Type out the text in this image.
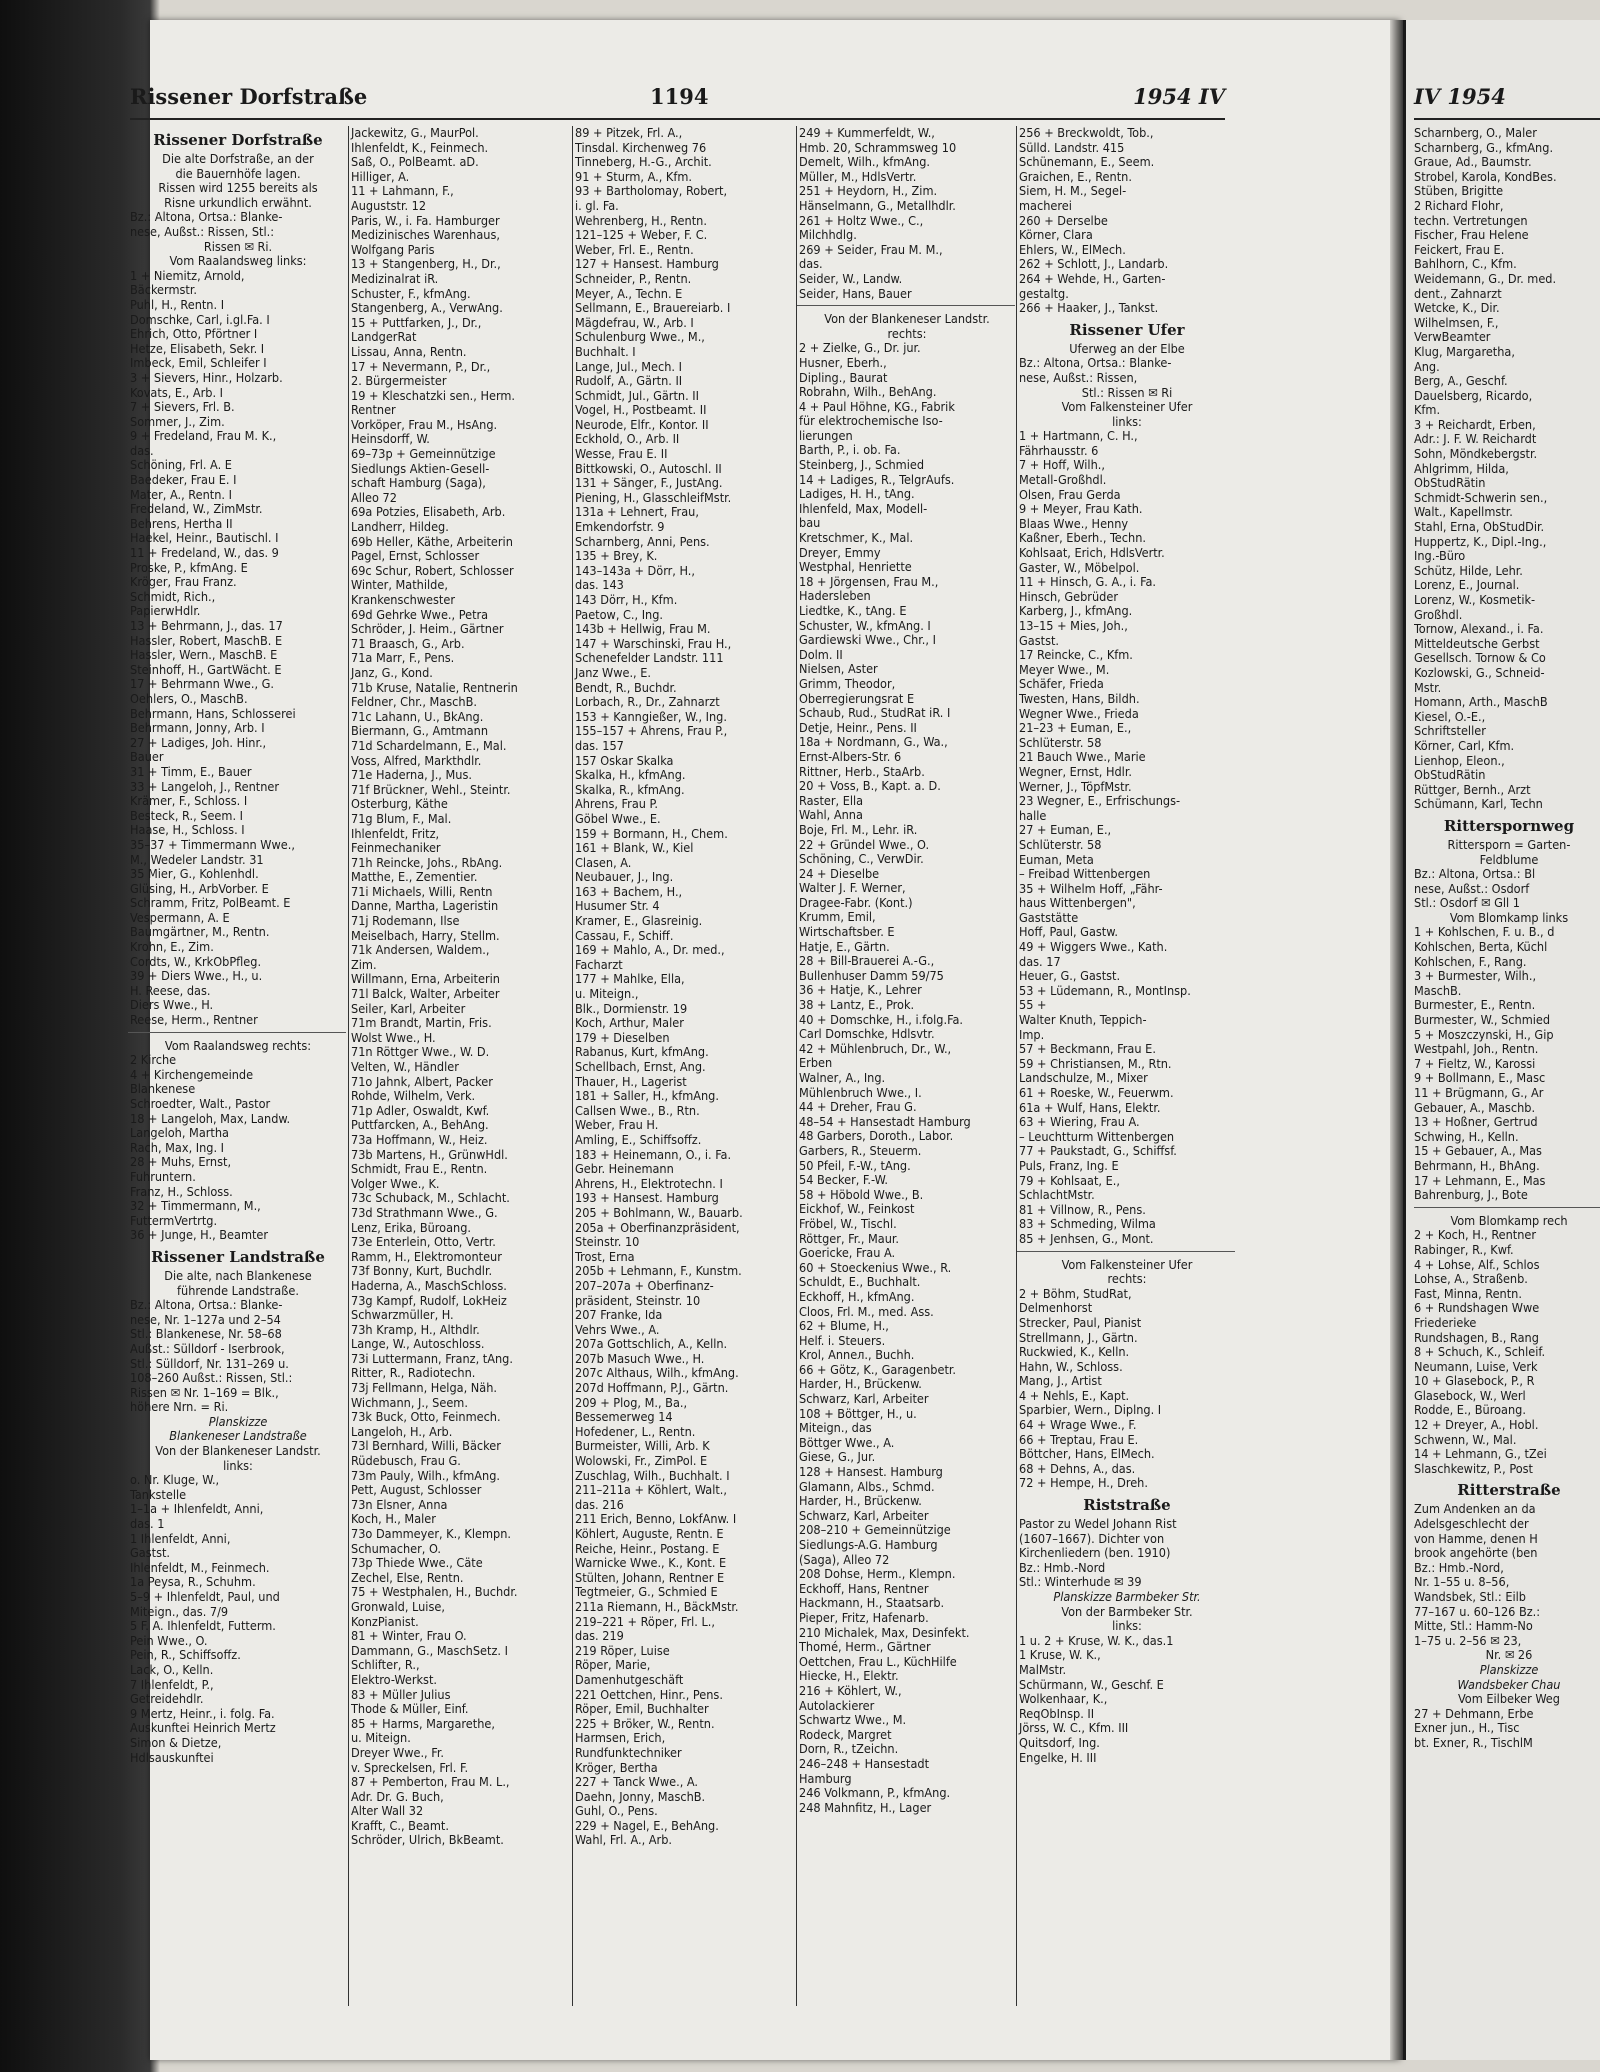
Rissener Dorfstraße	1194	1954 IV
Rissener Dorfstraße
Die alte Dorfstraße, an der
die Bauernhöfe lagen.
Rissen wird 1255 bereits als
Risne urkundlich erwähnt.
Bz.: Altona, Ortsa.: Blanke-
nese, Außst.: Rissen, Stl.:
Rissen ✉ Ri.
Vom Raalandsweg links:
1 + Niemitz, Arnold,
Bäckermstr.
Puhl, H., Rentn. I
Domschke, Carl, i.gl.Fa. I
Ehrich, Otto, Pförtner I
Hetze, Elisabeth, Sekr. I
Imbeck, Emil, Schleifer I
3 + Sievers, Hinr., Holzarb.
Kovats, E., Arb. I
7 + Sievers, Frl. B.
Sommer, J., Zim.
9 + Fredeland, Frau M. K.,
das.
Schöning, Frl. A. E
Baedeker, Frau E. I
Mater, A., Rentn. I
Fredeland, W., ZimMstr.
Behrens, Hertha II
Haekel, Heinr., Bautischl. I
11 + Fredeland, W., das. 9
Proske, P., kfmAng. E
Kröger, Frau Franz.
Schmidt, Rich.,
PapierwHdlr.
13 + Behrmann, J., das. 17
Hassler, Robert, MaschB. E
Hassler, Wern., MaschB. E
Steinhoff, H., GartWächt. E
17 + Behrmann Wwe., G.
Oehlers, O., MaschB.
Behrmann, Hans, Schlosserei
Behrmann, Jonny, Arb. I
27 + Ladiges, Joh. Hinr.,
Bauer
31 + Timm, E., Bauer
33 + Langeloh, J., Rentner
Krämer, F., Schloss. I
Besteck, R., Seem. I
Haase, H., Schloss. I
35–37 + Timmermann Wwe.,
M., Wedeler Landstr. 31
35 Mier, G., Kohlenhdl.
Glüsing, H., ArbVorber. E
Schramm, Fritz, PolBeamt. E
Vespermann, A. E
Baumgärtner, M., Rentn.
Krohn, E., Zim.
Cordts, W., KrkObPfleg.
39 + Diers Wwe., H., u.
H. Reese, das.
Diers Wwe., H.
Reese, Herm., Rentner
Vom Raalandsweg rechts:
2 Kirche
4 + Kirchengemeinde
Blankenese
Schroedter, Walt., Pastor
18 + Langeloh, Max, Landw.
Langeloh, Martha
Rach, Max, Ing. I
28 + Muhs, Ernst,
Fuhruntern.
Franz, H., Schloss.
32 + Timmermann, M.,
FuttermVertrtg.
36 + Junge, H., Beamter
Rissener Landstraße
Die alte, nach Blankenese
führende Landstraße.
Bz.: Altona, Ortsa.: Blanke-
nese, Nr. 1–127a und 2–54
Stl.: Blankenese, Nr. 58–68
Außst.: Sülldorf - Iserbrook,
Stl.: Sülldorf, Nr. 131–269 u.
108–260 Außst.: Rissen, Stl.:
Rissen ✉ Nr. 1–169 = Blk.,
höhere Nrn. = Ri.
Planskizze
Blankeneser Landstraße
Von der Blankeneser Landstr.
links:
o. Nr. Kluge, W.,
Tankstelle
1–1a + Ihlenfeldt, Anni,
das. 1
1 Ihlenfeldt, Anni,
Gastst.
Ihlenfeldt, M., Feinmech.
1a Peysa, R., Schuhm.
5–9 + Ihlenfeldt, Paul, und
Miteign., das. 7/9
5 F. A. Ihlenfeldt, Futterm.
Pein Wwe., O.
Pein, R., Schiffsoffz.
Lack, O., Kelln.
7 Ihlenfeldt, P.,
Getreidehdlr.
9 Mertz, Heinr., i. folg. Fa.
Auskunftei Heinrich Mertz
Simon & Dietze,
Hdlsauskunftei
Jackewitz, G., MaurPol.
Ihlenfeldt, K., Feinmech.
Saß, O., PolBeamt. aD.
Hilliger, A.
11 + Lahmann, F.,
Auguststr. 12
Paris, W., i. Fa. Hamburger
Medizinisches Warenhaus,
Wolfgang Paris
13 + Stangenberg, H., Dr.,
Medizinalrat iR.
Schuster, F., kfmAng.
Stangenberg, A., VerwAng.
15 + Puttfarken, J., Dr.,
LandgerRat
Lissau, Anna, Rentn.
17 + Nevermann, P., Dr.,
2. Bürgermeister
19 + Kleschatzki sen., Herm.
Rentner
Vorköper, Frau M., HsAng.
Heinsdorff, W.
69–73p + Gemeinnützige
Siedlungs Aktien-Gesell-
schaft Hamburg (Saga),
Alleo 72
69a Potzies, Elisabeth, Arb.
Landherr, Hildeg.
69b Heller, Käthe, Arbeiterin
Pagel, Ernst, Schlosser
69c Schur, Robert, Schlosser
Winter, Mathilde,
Krankenschwester
69d Gehrke Wwe., Petra
Schröder, J. Heim., Gärtner
71 Braasch, G., Arb.
71a Marr, F., Pens.
Janz, G., Kond.
71b Kruse, Natalie, Rentnerin
Feldner, Chr., MaschB.
71c Lahann, U., BkAng.
Biermann, G., Amtmann
71d Schardelmann, E., Mal.
Voss, Alfred, Markthdlr.
71e Haderna, J., Mus.
71f Brückner, Wehl., Steintr.
Osterburg, Käthe
71g Blum, F., Mal.
Ihlenfeldt, Fritz,
Feinmechaniker
71h Reincke, Johs., RbAng.
Matthe, E., Zementier.
71i Michaels, Willi, Rentn
Danne, Martha, Lageristin
71j Rodemann, Ilse
Meiselbach, Harry, Stellm.
71k Andersen, Waldem.,
Zim.
Willmann, Erna, Arbeiterin
71l Balck, Walter, Arbeiter
Seiler, Karl, Arbeiter
71m Brandt, Martin, Fris.
Wolst Wwe., H.
71n Röttger Wwe., W. D.
Velten, W., Händler
71o Jahnk, Albert, Packer
Rohde, Wilhelm, Verk.
71p Adler, Oswaldt, Kwf.
Puttfarcken, A., BehAng.
73a Hoffmann, W., Heiz.
73b Martens, H., GrünwHdl.
Schmidt, Frau E., Rentn.
Volger Wwe., K.
73c Schuback, M., Schlacht.
73d Strathmann Wwe., G.
Lenz, Erika, Büroang.
73e Enterlein, Otto, Vertr.
Ramm, H., Elektromonteur
73f Bonny, Kurt, Buchdlr.
Haderna, A., MaschSchloss.
73g Kampf, Rudolf, LokHeiz
Schwarzmüller, H.
73h Kramp, H., Althdlr.
Lange, W., Autoschloss.
73i Luttermann, Franz, tAng.
Ritter, R., Radiotechn.
73j Fellmann, Helga, Näh.
Wichmann, J., Seem.
73k Buck, Otto, Feinmech.
Langeloh, H., Arb.
73l Bernhard, Willi, Bäcker
Rüdebusch, Frau G.
73m Pauly, Wilh., kfmAng.
Pett, August, Schlosser
73n Elsner, Anna
Koch, H., Maler
73o Dammeyer, K., Klempn.
Schumacher, O.
73p Thiede Wwe., Cäte
Zechel, Else, Rentn.
75 + Westphalen, H., Buchdr.
Gronwald, Luise,
KonzPianist.
81 + Winter, Frau O.
Dammann, G., MaschSetz. I
Schlifter, R.,
Elektro-Werkst.
83 + Müller Julius
Thode & Müller, Einf.
85 + Harms, Margarethe,
u. Miteign.
Dreyer Wwe., Fr.
v. Spreckelsen, Frl. F.
87 + Pemberton, Frau M. L.,
Adr. Dr. G. Buch,
Alter Wall 32
Krafft, C., Beamt.
Schröder, Ulrich, BkBeamt.
89 + Pitzek, Frl. A.,
Tinsdal. Kirchenweg 76
Tinneberg, H.-G., Archit.
91 + Sturm, A., Kfm.
93 + Bartholomay, Robert,
i. gl. Fa.
Wehrenberg, H., Rentn.
121–125 + Weber, F. C.
Weber, Frl. E., Rentn.
127 + Hansest. Hamburg
Schneider, P., Rentn.
Meyer, A., Techn. E
Sellmann, E., Brauereiarb. I
Mägdefrau, W., Arb. I
Schulenburg Wwe., M.,
Buchhalt. I
Lange, Jul., Mech. I
Rudolf, A., Gärtn. II
Schmidt, Jul., Gärtn. II
Vogel, H., Postbeamt. II
Neurode, Elfr., Kontor. II
Eckhold, O., Arb. II
Wesse, Frau E. II
Bittkowski, O., Autoschl. II
131 + Sänger, F., JustAng.
Piening, H., GlasschleifMstr.
131a + Lehnert, Frau,
Emkendorfstr. 9
Scharnberg, Anni, Pens.
135 + Brey, K.
143–143a + Dörr, H.,
das. 143
143 Dörr, H., Kfm.
Paetow, C., Ing.
143b + Hellwig, Frau M.
147 + Warschinski, Frau H.,
Schenefelder Landstr. 111
Janz Wwe., E.
Bendt, R., Buchdr.
Lorbach, R., Dr., Zahnarzt
153 + Kanngießer, W., Ing.
155–157 + Ahrens, Frau P.,
das. 157
157 Oskar Skalka
Skalka, H., kfmAng.
Skalka, R., kfmAng.
Ahrens, Frau P.
Göbel Wwe., E.
159 + Bormann, H., Chem.
161 + Blank, W., Kiel
Clasen, A.
Neubauer, J., Ing.
163 + Bachem, H.,
Husumer Str. 4
Kramer, E., Glasreinig.
Cassau, F., Schiff.
169 + Mahlo, A., Dr. med.,
Facharzt
177 + Mahlke, Ella,
u. Miteign.,
Blk., Dormienstr. 19
Koch, Arthur, Maler
179 + Dieselben
Rabanus, Kurt, kfmAng.
Schellbach, Ernst, Ang.
Thauer, H., Lagerist
181 + Saller, H., kfmAng.
Callsen Wwe., B., Rtn.
Weber, Frau H.
Amling, E., Schiffsoffz.
183 + Heinemann, O., i. Fa.
Gebr. Heinemann
Ahrens, H., Elektrotechn. I
193 + Hansest. Hamburg
205 + Bohlmann, W., Bauarb.
205a + Oberfinanzpräsident,
Steinstr. 10
Trost, Erna
205b + Lehmann, F., Kunstm.
207–207a + Oberfinanz-
präsident, Steinstr. 10
207 Franke, Ida
Vehrs Wwe., A.
207a Gottschlich, A., Kelln.
207b Masuch Wwe., H.
207c Althaus, Wilh., kfmAng.
207d Hoffmann, P.J., Gärtn.
209 + Plog, M., Ba.,
Bessemerweg 14
Hofedener, L., Rentn.
Burmeister, Willi, Arb. K
Wolowski, Fr., ZimPol. E
Zuschlag, Wilh., Buchhalt. I
211–211a + Köhlert, Walt.,
das. 216
211 Erich, Benno, LokfAnw. I
Köhlert, Auguste, Rentn. E
Reiche, Heinr., Postang. E
Warnicke Wwe., K., Kont. E
Stülten, Johann, Rentner E
Tegtmeier, G., Schmied E
211a Riemann, H., BäckMstr.
219–221 + Röper, Frl. L.,
das. 219
219 Röper, Luise
Röper, Marie,
Damenhutgeschäft
221 Oettchen, Hinr., Pens.
Röper, Emil, Buchhalter
225 + Bröker, W., Rentn.
Harmsen, Erich,
Rundfunktechniker
Kröger, Bertha
227 + Tanck Wwe., A.
Daehn, Jonny, MaschB.
Guhl, O., Pens.
229 + Nagel, E., BehAng.
Wahl, Frl. A., Arb.
249 + Kummerfeldt, W.,
Hmb. 20, Schrammsweg 10
Demelt, Wilh., kfmAng.
Müller, M., HdlsVertr.
251 + Heydorn, H., Zim.
Hänselmann, G., Metallhdlr.
261 + Holtz Wwe., C.,
Milchhdlg.
269 + Seider, Frau M. M.,
das.
Seider, W., Landw.
Seider, Hans, Bauer
Von der Blankeneser Landstr.
rechts:
2 + Zielke, G., Dr. jur.
Husner, Eberh.,
Dipling., Baurat
Robrahn, Wilh., BehAng.
4 + Paul Höhne, KG., Fabrik
für elektrochemische Iso-
lierungen
Barth, P., i. ob. Fa.
Steinberg, J., Schmied
14 + Ladiges, R., TelgrAufs.
Ladiges, H. H., tAng.
Ihlenfeld, Max, Modell-
bau
Kretschmer, K., Mal.
Dreyer, Emmy
Westphal, Henriette
18 + Jörgensen, Frau M.,
Hadersleben
Liedtke, K., tAng. E
Schuster, W., kfmAng. I
Gardiewski Wwe., Chr., I
Dolm. II
Nielsen, Aster
Grimm, Theodor,
Oberregierungsrat E
Schaub, Rud., StudRat iR. I
Detje, Heinr., Pens. II
18a + Nordmann, G., Wa.,
Ernst-Albers-Str. 6
Rittner, Herb., StaArb.
20 + Voss, B., Kapt. a. D.
Raster, Ella
Wahl, Anna
Boje, Frl. M., Lehr. iR.
22 + Gründel Wwe., O.
Schöning, C., VerwDir.
24 + Dieselbe
Walter J. F. Werner,
Dragee-Fabr. (Kont.)
Krumm, Emil,
Wirtschaftsber. E
Hatje, E., Gärtn.
28 + Bill-Brauerei A.-G.,
Bullenhuser Damm 59/75
36 + Hatje, K., Lehrer
38 + Lantz, E., Prok.
40 + Domschke, H., i.folg.Fa.
Carl Domschke, Hdlsvtr.
42 + Mühlenbruch, Dr., W.,
Erben
Walner, A., Ing.
Mühlenbruch Wwe., I.
44 + Dreher, Frau G.
48–54 + Hansestadt Hamburg
48 Garbers, Doroth., Labor.
Garbers, R., Steuerm.
50 Pfeil, F.-W., tAng.
54 Becker, F.-W.
58 + Höbold Wwe., B.
Eickhof, W., Feinkost
Fröbel, W., Tischl.
Röttger, Fr., Maur.
Goericke, Frau A.
60 + Stoeckenius Wwe., R.
Schuldt, E., Buchhalt.
Eckhoff, H., kfmAng.
Cloos, Frl. M., med. Ass.
62 + Blume, H.,
Helf. i. Steuers.
Krol, Anneл., Buchh.
66 + Götz, K., Garagenbetr.
Harder, H., Brückenw.
Schwarz, Karl, Arbeiter
108 + Böttger, H., u.
Miteign., das
Böttger Wwe., A.
Giese, G., Jur.
128 + Hansest. Hamburg
Glamann, Albs., Schmd.
Harder, H., Brückenw.
Schwarz, Karl, Arbeiter
208–210 + Gemeinnützige
Siedlungs-A.G. Hamburg
(Saga), Alleo 72
208 Dohse, Herm., Klempn.
Eckhoff, Hans, Rentner
Hackmann, H., Staatsarb.
Pieper, Fritz, Hafenarb.
210 Michalek, Max, Desinfekt.
Thomé, Herm., Gärtner
Oettchen, Frau L., KüchHilfe
Hiecke, H., Elektr.
216 + Köhlert, W.,
Autolackierer
Schwartz Wwe., M.
Rodeck, Margret
Dorn, R., tZeichn.
246–248 + Hansestadt
Hamburg
246 Volkmann, P., kfmAng.
248 Mahnfitz, H., Lager
256 + Breckwoldt, Tob.,
Sülld. Landstr. 415
Schünemann, E., Seem.
Graichen, E., Rentn.
Siem, H. M., Segel-
macherei
260 + Derselbe
Körner, Clara
Ehlers, W., ElMech.
262 + Schlott, J., Landarb.
264 + Wehde, H., Garten-
gestaltg.
266 + Haaker, J., Tankst.
Rissener Ufer
Uferweg an der Elbe
Bz.: Altona, Ortsa.: Blanke-
nese, Außst.: Rissen,
Stl.: Rissen ✉ Ri
Vom Falkensteiner Ufer
links:
1 + Hartmann, C. H.,
Fährhausstr. 6
7 + Hoff, Wilh.,
Metall-Großhdl.
Olsen, Frau Gerda
9 + Meyer, Frau Kath.
Blaas Wwe., Henny
Kaßner, Eberh., Techn.
Kohlsaat, Erich, HdlsVertr.
Gaster, W., Möbelpol.
11 + Hinsch, G. A., i. Fa.
Hinsch, Gebrüder
Karberg, J., kfmAng.
13–15 + Mies, Joh.,
Gastst.
17 Reincke, C., Kfm.
Meyer Wwe., M.
Schäfer, Frieda
Twesten, Hans, Bildh.
Wegner Wwe., Frieda
21–23 + Euman, E.,
Schlüterstr. 58
21 Bauch Wwe., Marie
Wegner, Ernst, Hdlr.
Werner, J., TöpfMstr.
23 Wegner, E., Erfrischungs-
halle
27 + Euman, E.,
Schlüterstr. 58
Euman, Meta
– Freibad Wittenbergen
35 + Wilhelm Hoff, „Fähr-
haus Wittenbergen",
Gaststätte
Hoff, Paul, Gastw.
49 + Wiggers Wwe., Kath.
das. 17
Heuer, G., Gastst.
53 + Lüdemann, R., MontInsp.
55 +
Walter Knuth, Teppich-
Imp.
57 + Beckmann, Frau E.
59 + Christiansen, M., Rtn.
Landschulze, M., Mixer
61 + Roeske, W., Feuerwm.
61a + Wulf, Hans, Elektr.
63 + Wiering, Frau A.
– Leuchtturm Wittenbergen
77 + Paukstadt, G., Schiffsf.
Puls, Franz, Ing. E
79 + Kohlsaat, E.,
SchlachtMstr.
81 + Villnow, R., Pens.
83 + Schmeding, Wilma
85 + Jenhsen, G., Mont.
Vom Falkensteiner Ufer
rechts:
2 + Böhm, StudRat,
Delmenhorst
Strecker, Paul, Pianist
Strellmann, J., Gärtn.
Ruckwied, K., Kelln.
Hahn, W., Schloss.
Mang, J., Artist
4 + Nehls, E., Kapt.
Sparbier, Wern., Diplng. I
64 + Wrage Wwe., F.
66 + Treptau, Frau E.
Böttcher, Hans, ElMech.
68 + Dehns, A., das.
72 + Hempe, H., Dreh.
Riststraße
Pastor zu Wedel Johann Rist
(1607–1667). Dichter von
Kirchenliedern (ben. 1910)
Bz.: Hmb.-Nord
Stl.: Winterhude ✉ 39
Planskizze Barmbeker Str.
Von der Barmbeker Str.
links:
1 u. 2 + Kruse, W. K., das.1
1 Kruse, W. K.,
MalMstr.
Schürmann, W., Geschf. E
Wolkenhaar, K.,
ReqObInsp. II
Jörss, W. C., Kfm. III
Quitsdorf, Ing.
Engelke, H. III
IV 1954
Scharnberg, O., Maler
Scharnberg, G., kfmAng.
Graue, Ad., Baumstr.
Strobel, Karola, KondBes.
Stüben, Brigitte
2 Richard Flohr,
techn. Vertretungen
Fischer, Frau Helene
Feickert, Frau E.
Bahlhorn, C., Kfm.
Weidemann, G., Dr. med.
dent., Zahnarzt
Wetcke, K., Dir.
Wilhelmsen, F.,
VerwBeamter
Klug, Margaretha,
Ang.
Berg, A., Geschf.
Dauelsberg, Ricardo,
Kfm.
3 + Reichardt, Erben,
Adr.: J. F. W. Reichardt
Sohn, Möndkebergstr.
Ahlgrimm, Hilda,
ObStudRätin
Schmidt-Schwerin sen.,
Walt., Kapellmstr.
Stahl, Erna, ObStudDir.
Huppertz, K., Dipl.-Ing.,
Ing.-Büro
Schütz, Hilde, Lehr.
Lorenz, E., Journal.
Lorenz, W., Kosmetik-
Großhdl.
Tornow, Alexand., i. Fa.
Mitteldeutsche Gerbst
Gesellsch. Tornow & Co
Kozlowski, G., Schneid-
Mstr.
Homann, Arth., MaschB
Kiesel, O.-E.,
Schriftsteller
Körner, Carl, Kfm.
Lienhop, Eleon.,
ObStudRätin
Rüttger, Bernh., Arzt
Schümann, Karl, Techn
Ritterspornweg
Rittersporn = Garten-
Feldblume
Bz.: Altona, Ortsa.: Bl
nese, Außst.: Osdorf
Stl.: Osdorf ✉ Gll 1
Vom Blomkamp links
1 + Kohlschen, F. u. B., d
Kohlschen, Berta, Küchl
Kohlschen, F., Rang.
3 + Burmester, Wilh.,
MaschB.
Burmester, E., Rentn.
Burmester, W., Schmied
5 + Moszczynski, H., Gip
Westpahl, Joh., Rentn.
7 + Fieltz, W., Karossi
9 + Bollmann, E., Masc
11 + Brügmann, G., Ar
Gebauer, A., Maschb.
13 + Hoßner, Gertrud
Schwing, H., Kelln.
15 + Gebauer, A., Mas
Behrmann, H., BhAng.
17 + Lehmann, E., Mas
Bahrenburg, J., Bote
Vom Blomkamp rech
2 + Koch, H., Rentner
Rabinger, R., Kwf.
4 + Lohse, Alf., Schlos
Lohse, A., Straßenb.
Fast, Minna, Rentn.
6 + Rundshagen Wwe
Friederieke
Rundshagen, B., Rang
8 + Schuch, K., Schleif.
Neumann, Luise, Verk
10 + Glasebock, P., R
Glasebock, W., Werl
Rodde, E., Büroang.
12 + Dreyer, A., Hobl.
Schwenn, W., Mal.
14 + Lehmann, G., tZei
Slaschkewitz, P., Post
Ritterstraße
Zum Andenken an da
Adelsgeschlecht der
von Hamme, denen H
brook angehörte (ben
Bz.: Hmb.-Nord,
Nr. 1–55 u. 8–56,
Wandsbek, Stl.: Eilb
77–167 u. 60–126 Bz.:
Mitte, Stl.: Hamm-No
1–75 u. 2–56 ✉ 23,
Nr. ✉ 26
Planskizze
Wandsbeker Chau
Vom Eilbeker Weg
27 + Dehmann, Erbe
Exner jun., H., Tisc
bt. Exner, R., TischlM
